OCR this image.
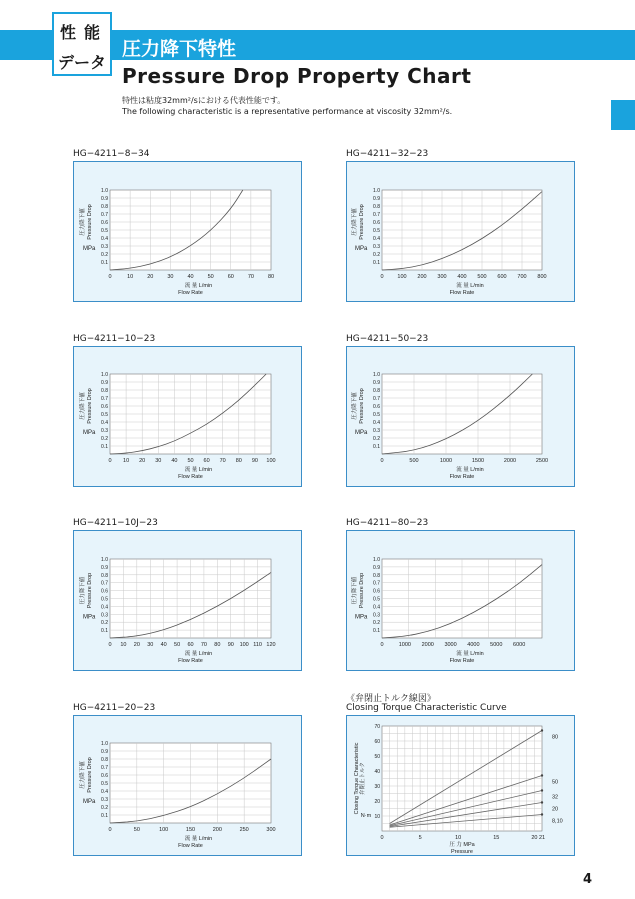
性能
データ
圧力降下特性
Pressure Drop Property Chart
特性は粘度32mm²/sにおける代表性能です。
The following characteristic is a representative performance at viscosity 32mm²/s.
4
HG−4211−8−34
0	10	20	30	40	50	60	70	80
0.1
0.2
0.3
0.4
0.5
0.6
0.7
0.8
0.9
1.0
圧力降下値 Pressure Drop
MPa
流 量 L/min
Flow Rate
HG−4211−32−23
0	100 200 300 400 500 600 700 800
0.1
0.2
0.3
0.4
0.5
0.6
0.7
0.8
0.9
1.0
圧力降下値 Pressure Drop
MPa
流 量 L/min
Flow Rate
HG−4211−10−23
0 10 20 30 40 50 60 70 80 90 100
0.1
0.2
0.3
0.4
0.5
0.6
0.7
0.8
0.9
1.0
圧力降下値 Pressure Drop
MPa
流 量 L/min
Flow Rate
HG−4211−50−23
0	500	1000	1500	2000	2500
0.1
0.2
0.3
0.4
0.5
0.6
0.7
0.8
0.9
1.0
圧力降下値 Pressure Drop
MPa
流 量 L/min
Flow Rate
HG−4211−10J−23
0 10 20 30 40 50 60 70 80 90 100 110 120
0.1
0.2
0.3
0.4
0.5
0.6
0.7
0.8
0.9
1.0
圧力降下値 Pressure Drop
MPa
流 量 L/min
Flow Rate
HG−4211−80−23
0	1000 2000 3000 4000 5000 6000
0.1
0.2
0.3
0.4
0.5
0.6
0.7
0.8
0.9
1.0
圧力降下値 Pressure Drop
MPa
流 量 L/min
Flow Rate
HG−4211−20−23
0	50	100	150	200	250	300
0.1
0.2
0.3
0.4
0.5
0.6
0.7
0.8
0.9
1.0
圧力降下値 Pressure Drop
MPa
流 量 L/min
Flow Rate
《弁閉止トルク線図》
Closing Torque Characteristic Curve
0	5	10	15	20 21
10
20
30
40
50
60
70
Closing Torque Characteristic 弁閉止トルク
N·m
圧 力 MPa
Pressure
80
50
32
20
8,10
